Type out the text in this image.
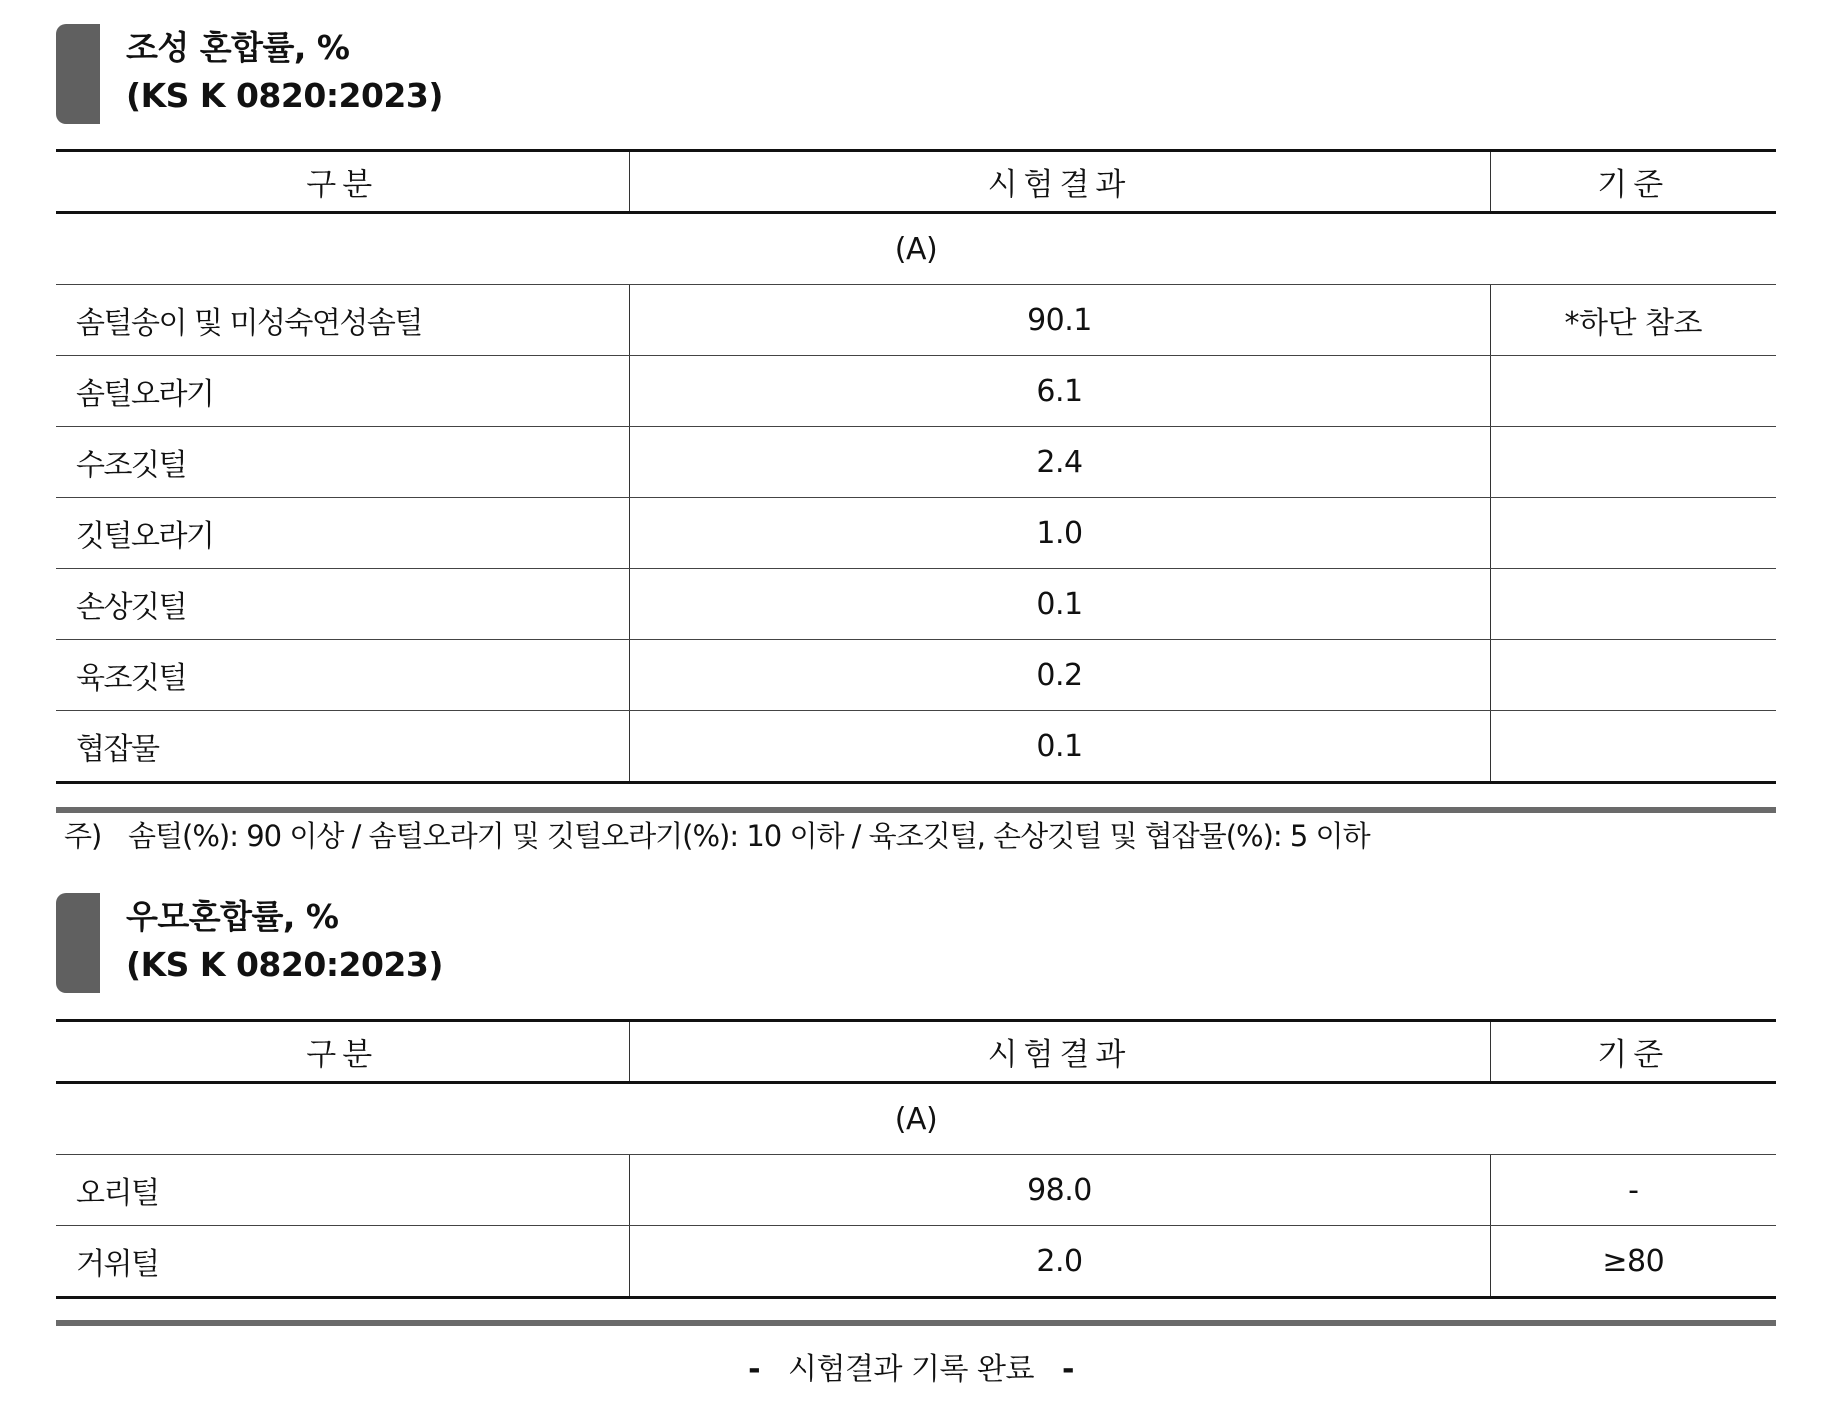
조성 혼합률, %
(KS K 0820:2023)
구분	시험결과	기준
(A)		
솜털송이 및 미성숙연성솜털	90.1	*하단 참조
솜털오라기	6.1	
수조깃털	2.4	
깃털오라기	1.0	
손상깃털	0.1	
육조깃털	0.2	
협잡물	0.1	
주) 솜털(%): 90 이상 / 솜털오라기 및 깃털오라기(%): 10 이하 / 육조깃털, 손상깃털 및 협잡물(%): 5 이하
우모혼합률, %
(KS K 0820:2023)
구분	시험결과	기준
(A)		
오리털	98.0	-
거위털	2.0	≥80
- 시험결과 기록 완료 -
